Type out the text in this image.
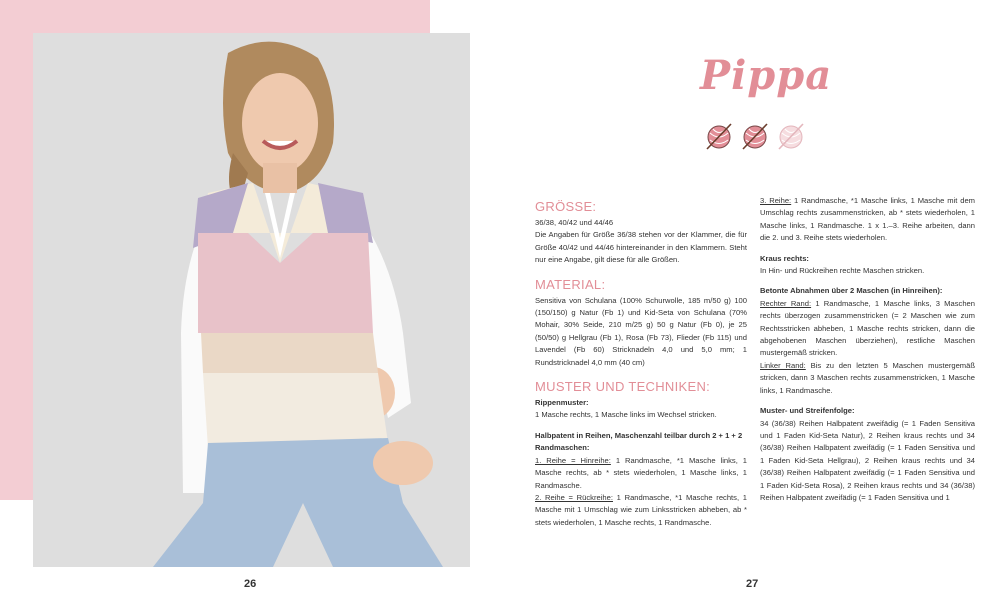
26	27
Pippa
GRÖSSE:

36/38, 40/42 und 44/46

Die Angaben für Größe 36/38 stehen vor der Klammer, die für Größe 40/42 und 44/46 hintereinander in den Klammern. Steht nur eine Angabe, gilt diese für alle Größen.

MATERIAL:

Sensitiva von Schulana (100% Schurwolle, 185 m/50 g) 100 (150/150) g Natur (Fb 1) und Kid-Seta von Schulana (70% Mohair, 30% Seide, 210 m/25 g) 50 g Natur (Fb 0), je 25 (50/50) g Hellgrau (Fb 1), Rosa (Fb 73), Flieder (Fb 115) und Lavendel (Fb 60) Stricknadeln 4,0 und 5,0 mm; 1 Rundstricknadel 4,0 mm (40 cm)

MUSTER UND TECHNIKEN:
Rippenmuster:

1 Masche rechts, 1 Masche links im Wechsel stricken.

Halbpatent in Reihen, Maschenzahl teilbar durch 2 + 1 + 2 Randmaschen:

1. Reihe = Hinreihe: 1 Randmasche, *1 Masche links, 1 Masche rechts, ab * stets wiederholen, 1 Masche links, 1 Randmasche.

2. Reihe = Rückreihe: 1 Randmasche, *1 Masche rechts, 1 Masche mit 1 Umschlag wie zum Linksstricken abheben, ab * stets wiederholen, 1 Masche rechts, 1 Randmasche.

3. Reihe: 1 Randmasche, *1 Masche links, 1 Masche mit dem Umschlag rechts zusammenstricken, ab * stets wiederholen, 1 Masche links, 1 Randmasche. 1 x 1.–3. Reihe arbeiten, dann die 2. und 3. Reihe stets wiederholen.

Kraus rechts:

In Hin- und Rückreihen rechte Maschen stricken.

Betonte Abnahmen über 2 Maschen (in Hinreihen):

Rechter Rand: 1 Randmasche, 1 Masche links, 3 Maschen rechts überzogen zusammenstricken (= 2 Maschen wie zum Rechtsstricken abheben, 1 Masche rechts stricken, dann die abgehobenen Maschen überziehen), restliche Maschen mustergemäß stricken.

Linker Rand: Bis zu den letzten 5 Maschen mustergemäß stricken, dann 3 Maschen rechts zusammenstricken, 1 Masche links, 1 Randmasche.

Muster- und Streifenfolge:

34 (36/38) Reihen Halbpatent zweifädig (= 1 Faden Sensitiva und 1 Faden Kid-Seta Natur), 2 Reihen kraus rechts und 34 (36/38) Reihen Halbpatent zweifädig (= 1 Faden Sensitiva und 1 Faden Kid-Seta Hellgrau), 2 Reihen kraus rechts und 34 (36/38) Reihen Halbpatent zweifädig (= 1 Faden Sensitiva und 1 Faden Kid-Seta Rosa), 2 Reihen kraus rechts und 34 (36/38) Reihen Halbpatent zweifädig (= 1 Faden Sensitiva und 1
